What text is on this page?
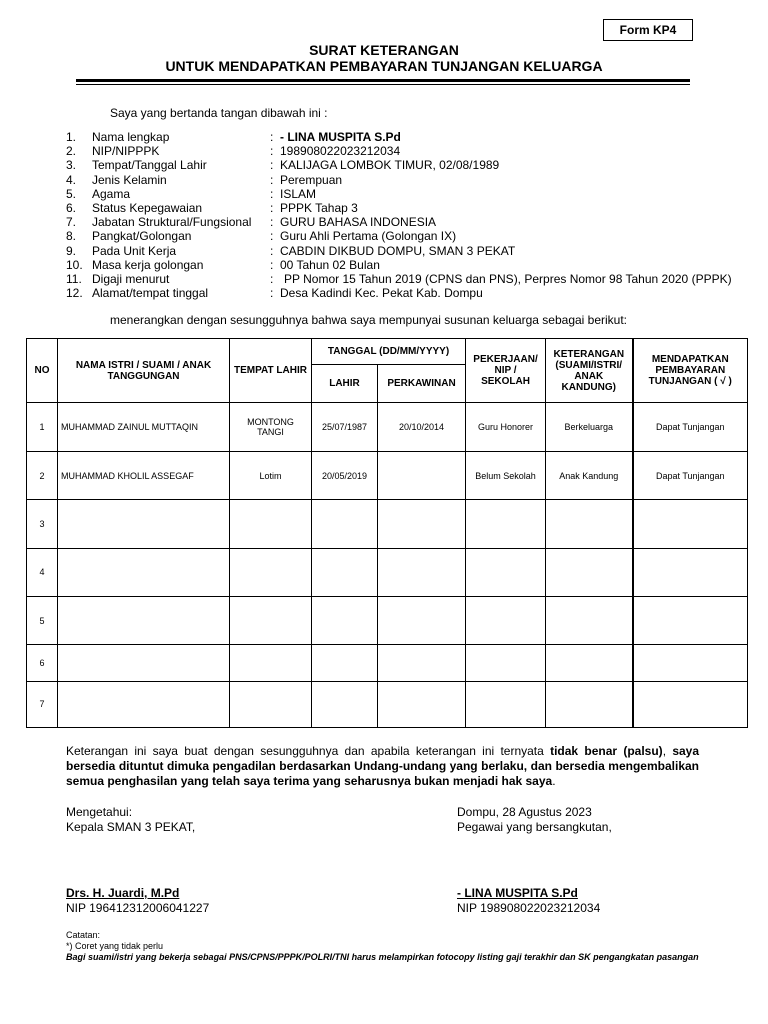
Form KP4
SURAT KETERANGAN
UNTUK MENDAPATKAN PEMBAYARAN TUNJANGAN KELUARGA
Saya yang bertanda tangan dibawah ini :
1. Nama lengkap	: - LINA MUSPITA S.Pd
2. NIP/NIPPPK	: 198908022023212034
3. Tempat/Tanggal Lahir	: KALIJAGA LOMBOK TIMUR, 02/08/1989
4. Jenis Kelamin	: Perempuan
5. Agama	: ISLAM
6. Status Kepegawaian	: PPPK Tahap 3
7. Jabatan Struktural/Fungsional : GURU BAHASA INDONESIA
8. Pangkat/Golongan	: Guru Ahli Pertama (Golongan IX)
9. Pada Unit Kerja	: CABDIN DIKBUD DOMPU, SMAN 3 PEKAT
10. Masa kerja golongan	: 00 Tahun 02 Bulan
11. Digaji menurut	: PP Nomor 15 Tahun 2019 (CPNS dan PNS), Perpres Nomor 98 Tahun 2020 (PPPK)
12. Alamat/tempat tinggal	: Desa Kadindi Kec. Pekat Kab. Dompu
menerangkan dengan sesungguhnya bahwa saya mempunyai susunan keluarga sebagai berikut:
NO	NAMA ISTRI / SUAMI / ANAK TANGGUNGAN	TEMPAT LAHIR	TANGGAL (DD/MM/YYYY)		PEKERJAAN/ NIP / SEKOLAH	KETERANGAN (SUAMI/ISTRI/ ANAK KANDUNG)	MENDAPATKAN PEMBAYARAN TUNJANGAN ( √ )
			LAHIR	PERKAWINAN			
1	MUHAMMAD ZAINUL MUTTAQIN	MONTONG TANGI	25/07/1987	20/10/2014	Guru Honorer	Berkeluarga	Dapat Tunjangan
2	MUHAMMAD KHOLIL ASSEGAF	Lotim	20/05/2019		Belum Sekolah	Anak Kandung	Dapat Tunjangan
3							
4							
5							
6							
7							
Keterangan ini saya buat dengan sesungguhnya dan apabila keterangan ini ternyata tidak benar (palsu), saya bersedia dituntut dimuka pengadilan berdasarkan Undang-undang yang berlaku, dan bersedia mengembalikan semua penghasilan yang telah saya terima yang seharusnya bukan menjadi hak saya.
Mengetahui:
Kepala SMAN 3 PEKAT,
Drs. H. Juardi, M.Pd
NIP 196412312006041227
Dompu, 28 Agustus 2023
Pegawai yang bersangkutan,
- LINA MUSPITA S.Pd
NIP 198908022023212034
Catatan:
*) Coret yang tidak perlu
Bagi suami/istri yang bekerja sebagai PNS/CPNS/PPPK/POLRI/TNI harus melampirkan fotocopy listing gaji terakhir dan SK pengangkatan pasangan
